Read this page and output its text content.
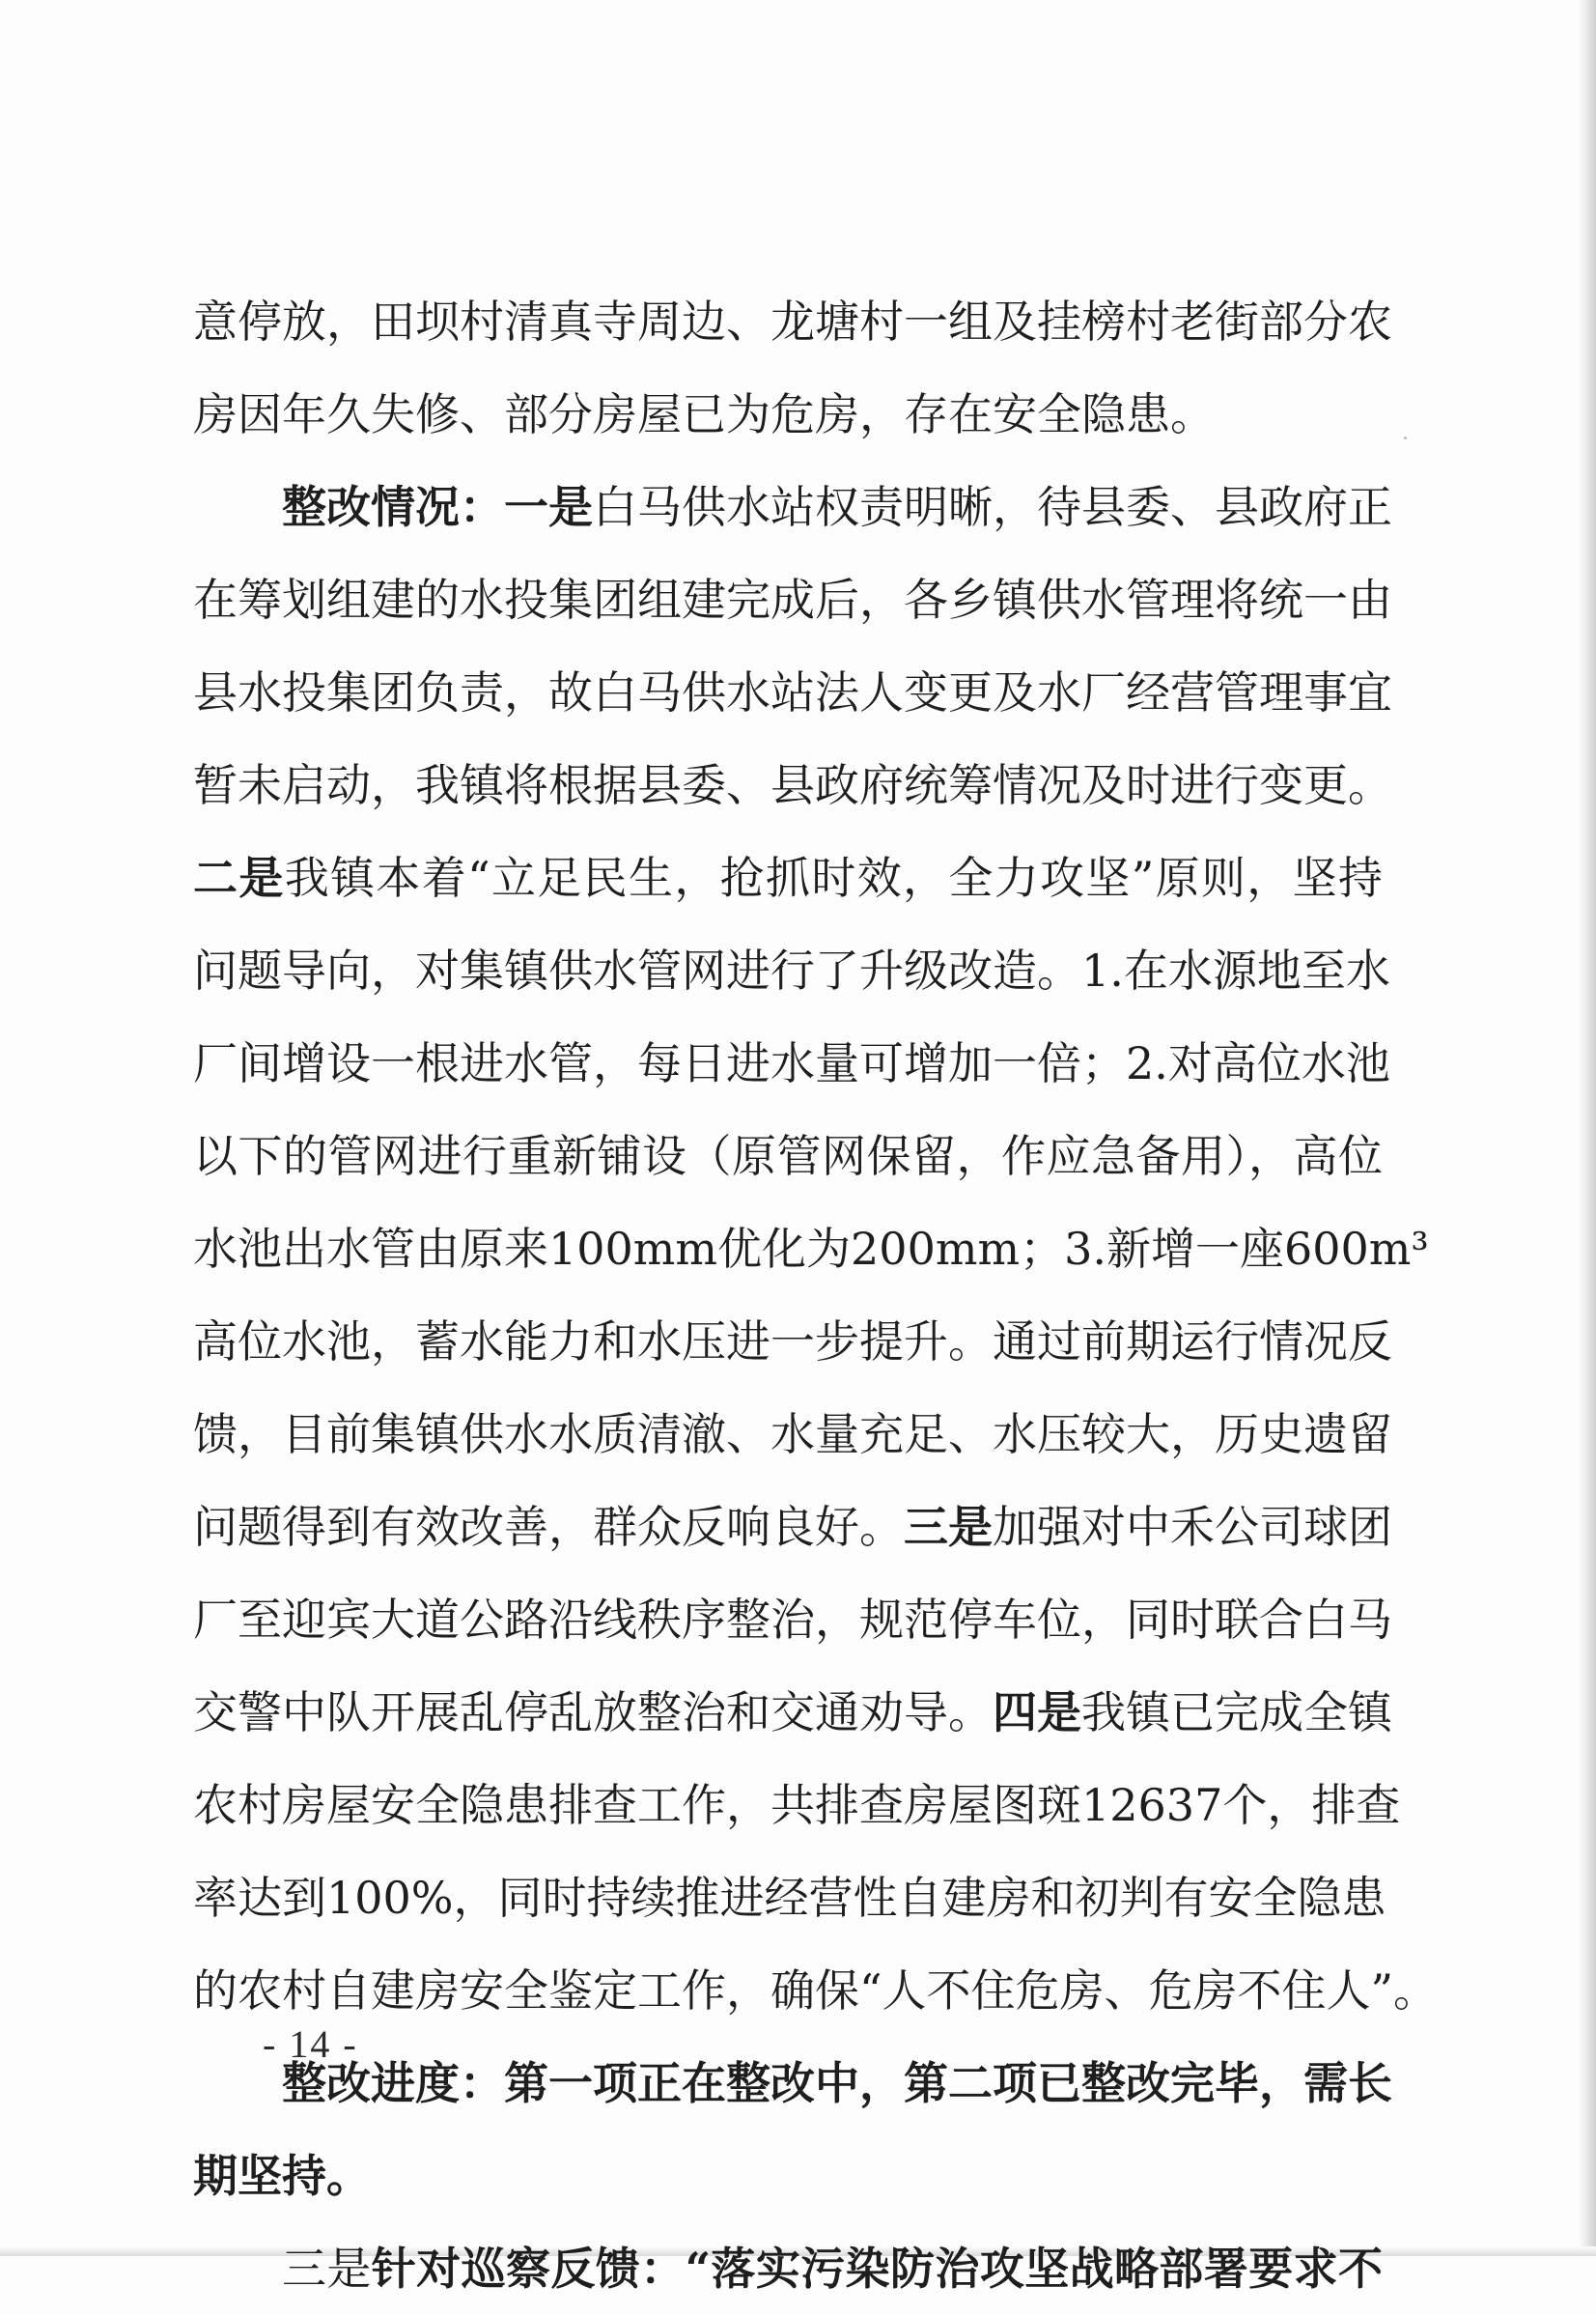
意停放，田坝村清真寺周边、龙塘村一组及挂榜村老街部分农
房因年久失修、部分房屋已为危房，存在安全隐患。
整改情况：一是白马供水站权责明晰，待县委、县政府正
在筹划组建的水投集团组建完成后，各乡镇供水管理将统一由
县水投集团负责，故白马供水站法人变更及水厂经营管理事宜
暂未启动，我镇将根据县委、县政府统筹情况及时进行变更。
二是我镇本着“立足民生，抢抓时效，全力攻坚”原则，坚持
问题导向，对集镇供水管网进行了升级改造。1.在水源地至水
厂间增设一根进水管，每日进水量可增加一倍；2.对高位水池
以下的管网进行重新铺设（原管网保留，作应急备用），高位
水池出水管由原来100mm优化为200mm；3.新增一座600m³
高位水池，蓄水能力和水压进一步提升。通过前期运行情况反
馈，目前集镇供水水质清澈、水量充足、水压较大，历史遗留
问题得到有效改善，群众反响良好。三是加强对中禾公司球团
厂至迎宾大道公路沿线秩序整治，规范停车位，同时联合白马
交警中队开展乱停乱放整治和交通劝导。四是我镇已完成全镇
农村房屋安全隐患排查工作，共排查房屋图斑12637个，排查
率达到100%，同时持续推进经营性自建房和初判有安全隐患
的农村自建房安全鉴定工作，确保“人不住危房、危房不住人”。
整改进度：第一项正在整改中，第二项已整改完毕，需长
期坚持。
三是针对巡察反馈：“落实污染防治攻坚战略部署要求不
- 14 -
